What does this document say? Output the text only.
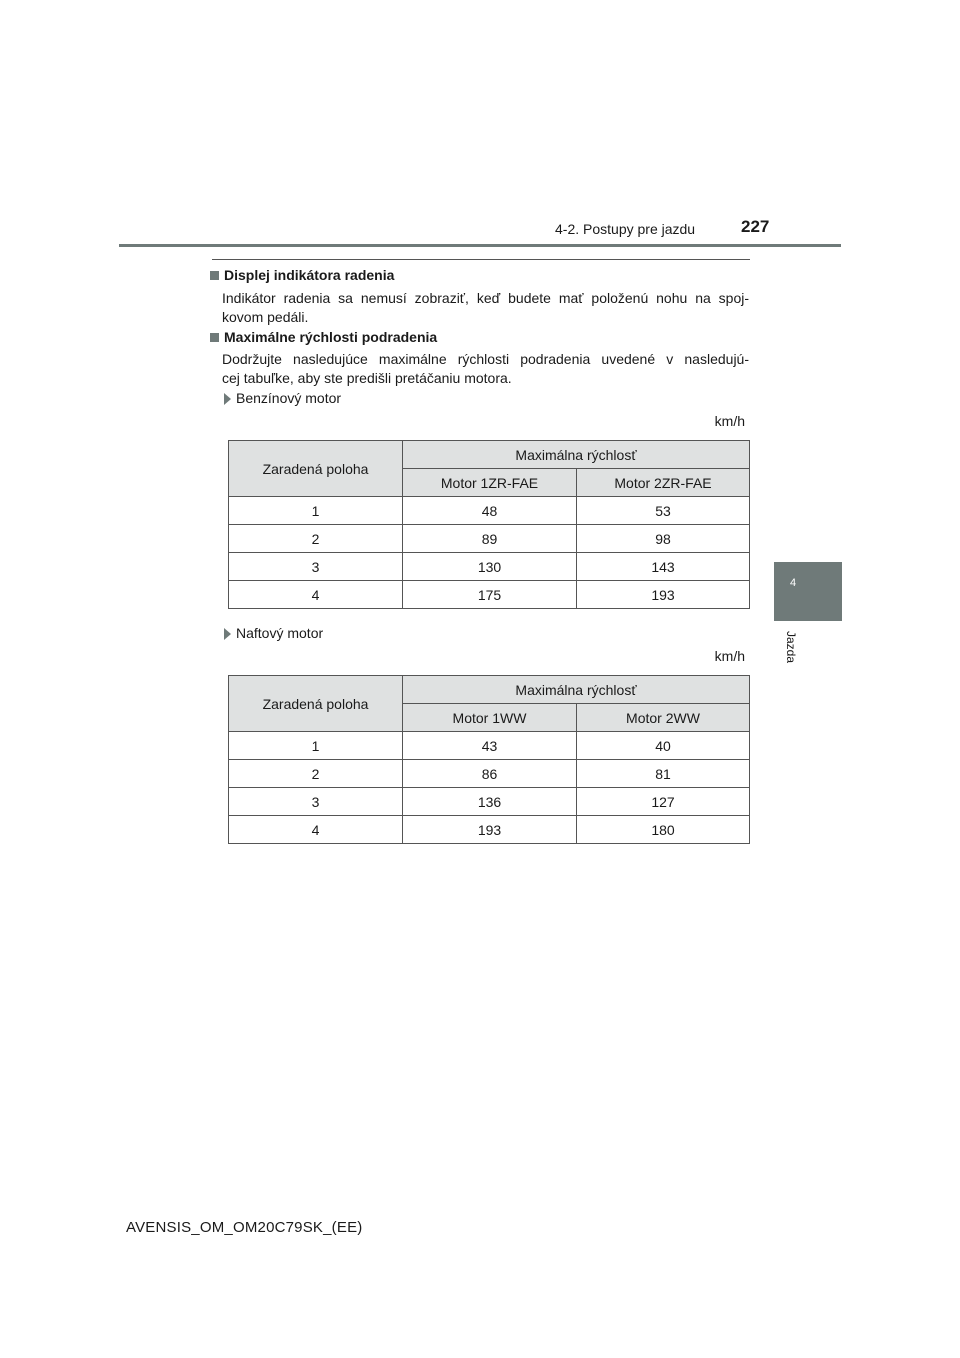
4-2. Postupy pre jazdu	227
4
Jazda
Displej indikátora radenia
Indikátor radenia sa nemusí zobraziť, keď budete mať položenú nohu na spoj-
kovom pedáli.
Maximálne rýchlosti podradenia
Dodržujte nasledujúce maximálne rýchlosti podradenia uvedené v nasledujú-
cej tabuľke, aby ste predišli pretáčaniu motora.
Benzínový motor
km/h
Zaradená poloha	Maximálna rýchlosť	
	Motor 1ZR-FAE	Motor 2ZR-FAE
1	48	53
2	89	98
3	130	143
4	175	193
Naftový motor
km/h
Zaradená poloha	Maximálna rýchlosť	
	Motor 1WW	Motor 2WW
1	43	40
2	86	81
3	136	127
4	193	180
AVENSIS_OM_OM20C79SK_(EE)
